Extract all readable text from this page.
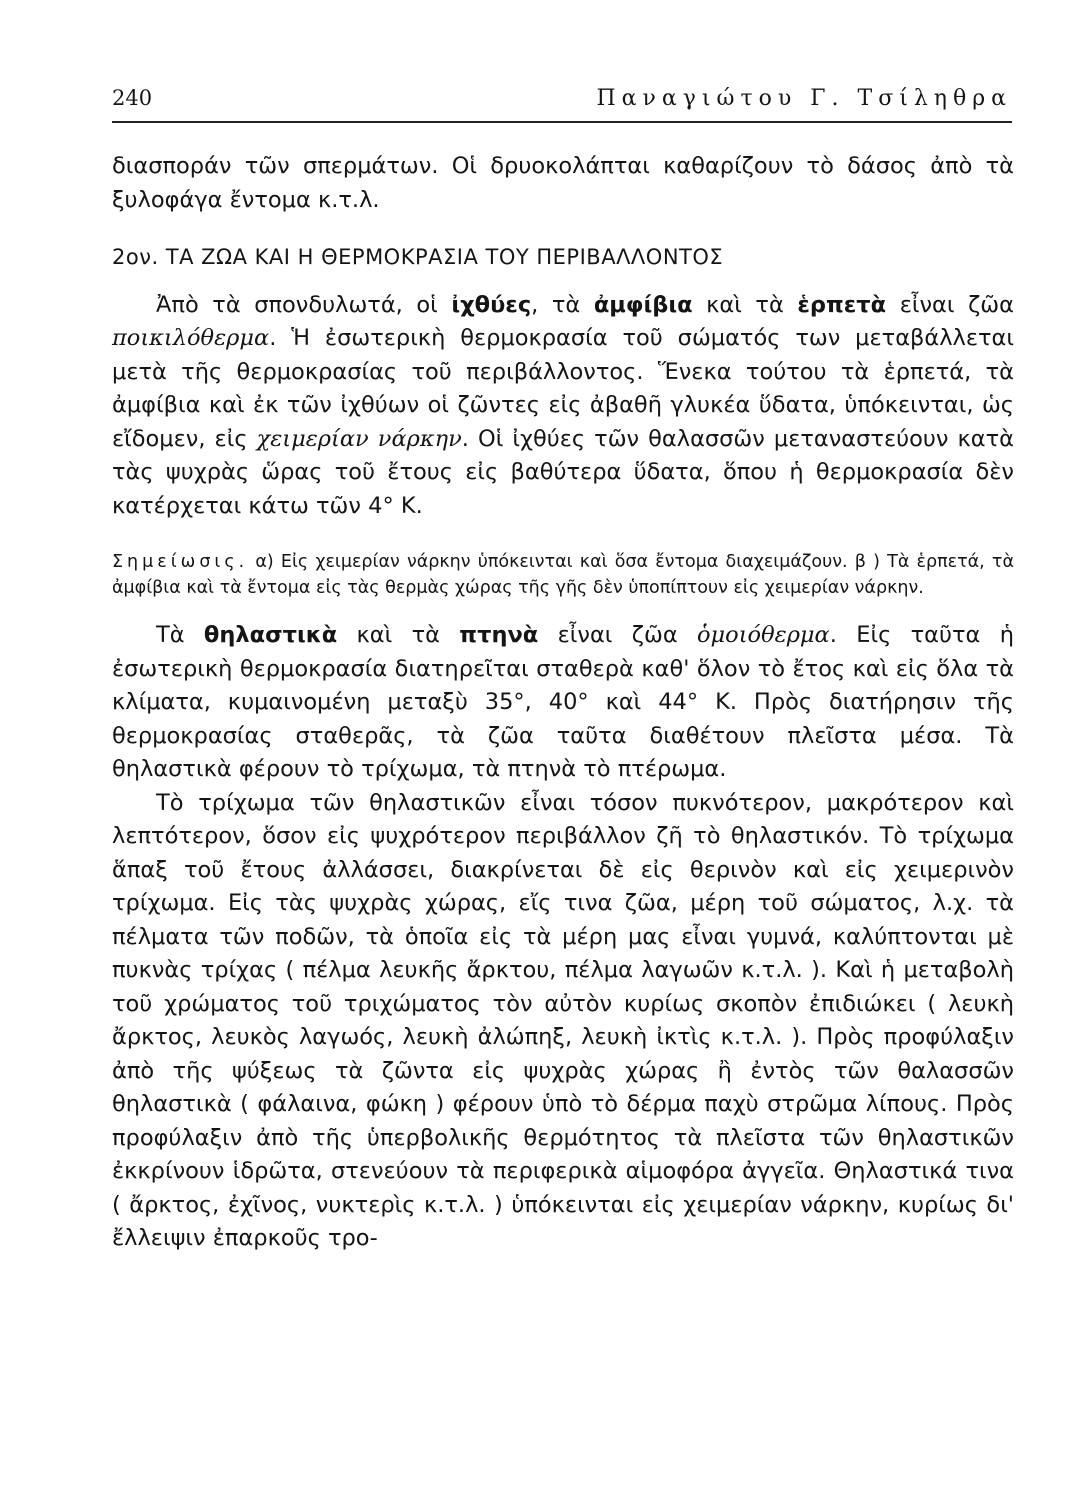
240	Παναγιώτου Γ. Τσίληθρα

διασποράν τῶν σπερμάτων. Οἱ δρυοκολάπται καθαρίζουν τὸ δάσος ἀπὸ τὰ ξυλοφάγα ἔντομα κ.τ.λ.

2ον. ΤΑ ΖΩΑ ΚΑΙ Η ΘΕΡΜΟΚΡΑΣΙΑ ΤΟΥ ΠΕΡΙΒΑΛΛΟΝΤΟΣ

Ἀπὸ τὰ σπονδυλωτά, οἱ ἰχθύες, τὰ ἀμφίβια καὶ τὰ ἑρπετὰ εἶναι ζῶα ποικιλόθερμα. Ἡ ἐσωτερικὴ θερμοκρασία τοῦ σώματός των μεταβάλλεται μετὰ τῆς θερμοκρασίας τοῦ περιβάλλοντος. Ἕνεκα τούτου τὰ ἑρπετά, τὰ ἀμφίβια καὶ ἐκ τῶν ἰχθύων οἱ ζῶντες εἰς ἀβαθῆ γλυκέα ὕδατα, ὑπόκεινται, ὡς εἴδομεν, εἰς χειμερίαν νάρκην. Οἱ ἰχθύες τῶν θαλασσῶν μεταναστεύουν κατὰ τὰς ψυχρὰς ὥρας τοῦ ἔτους εἰς βαθύτερα ὕδατα, ὅπου ἡ θερμοκρασία δὲν κατέρχεται κάτω τῶν 4° Κ.

Σημείωσις. α) Εἰς χειμερίαν νάρκην ὑπόκεινται καὶ ὅσα ἔντομα διαχειμάζουν. β ) Τὰ ἑρπετά, τὰ ἀμφίβια καὶ τὰ ἔντομα εἰς τὰς θερμὰς χώρας τῆς γῆς δὲν ὑποπίπτουν εἰς χειμερίαν νάρκην.

Τὰ θηλαστικὰ καὶ τὰ πτηνὰ εἶναι ζῶα ὁμοιόθερμα. Εἰς ταῦτα ἡ ἐσωτερικὴ θερμοκρασία διατηρεῖται σταθερὰ καθ' ὅλον τὸ ἔτος καὶ εἰς ὅλα τὰ κλίματα, κυμαινομένη μεταξὺ 35°, 40° καὶ 44° Κ. Πρὸς διατήρησιν τῆς θερμοκρασίας σταθερᾶς, τὰ ζῶα ταῦτα διαθέτουν πλεῖστα μέσα. Τὰ θηλαστικὰ φέρουν τὸ τρίχωμα, τὰ πτηνὰ τὸ πτέρωμα.

Τὸ τρίχωμα τῶν θηλαστικῶν εἶναι τόσον πυκνότερον, μακρότερον καὶ λεπτότερον, ὅσον εἰς ψυχρότερον περιβάλλον ζῆ τὸ θηλαστικόν. Τὸ τρίχωμα ἅπαξ τοῦ ἔτους ἀλλάσσει, διακρίνεται δὲ εἰς θερινὸν καὶ εἰς χειμερινὸν τρίχωμα. Εἰς τὰς ψυχρὰς χώρας, εἴς τινα ζῶα, μέρη τοῦ σώματος, λ.χ. τὰ πέλματα τῶν ποδῶν, τὰ ὁποῖα εἰς τὰ μέρη μας εἶναι γυμνά, καλύπτονται μὲ πυκνὰς τρίχας ( πέλμα λευκῆς ἄρκτου, πέλμα λαγωῶν κ.τ.λ. ). Καὶ ἡ μεταβολὴ τοῦ χρώματος τοῦ τριχώματος τὸν αὐτὸν κυρίως σκοπὸν ἐπιδιώκει ( λευκὴ ἄρκτος, λευκὸς λαγωός, λευκὴ ἀλώπηξ, λευκὴ ἰκτὶς κ.τ.λ. ). Πρὸς προφύλαξιν ἀπὸ τῆς ψύξεως τὰ ζῶντα εἰς ψυχρὰς χώρας ἢ ἐντὸς τῶν θαλασσῶν θηλαστικὰ ( φάλαινα, φώκη ) φέρουν ὑπὸ τὸ δέρμα παχὺ στρῶμα λίπους. Πρὸς προφύλαξιν ἀπὸ τῆς ὑπερβολικῆς θερμότητος τὰ πλεῖστα τῶν θηλαστικῶν ἐκκρίνουν ἱδρῶτα, στενεύουν τὰ περιφερικὰ αἱμοφόρα ἀγγεῖα. Θηλαστικά τινα ( ἄρκτος, ἐχῖνος, νυκτερὶς κ.τ.λ. ) ὑπόκεινται εἰς χειμερίαν νάρκην, κυρίως δι' ἔλλειψιν ἐπαρκοῦς τρο-
